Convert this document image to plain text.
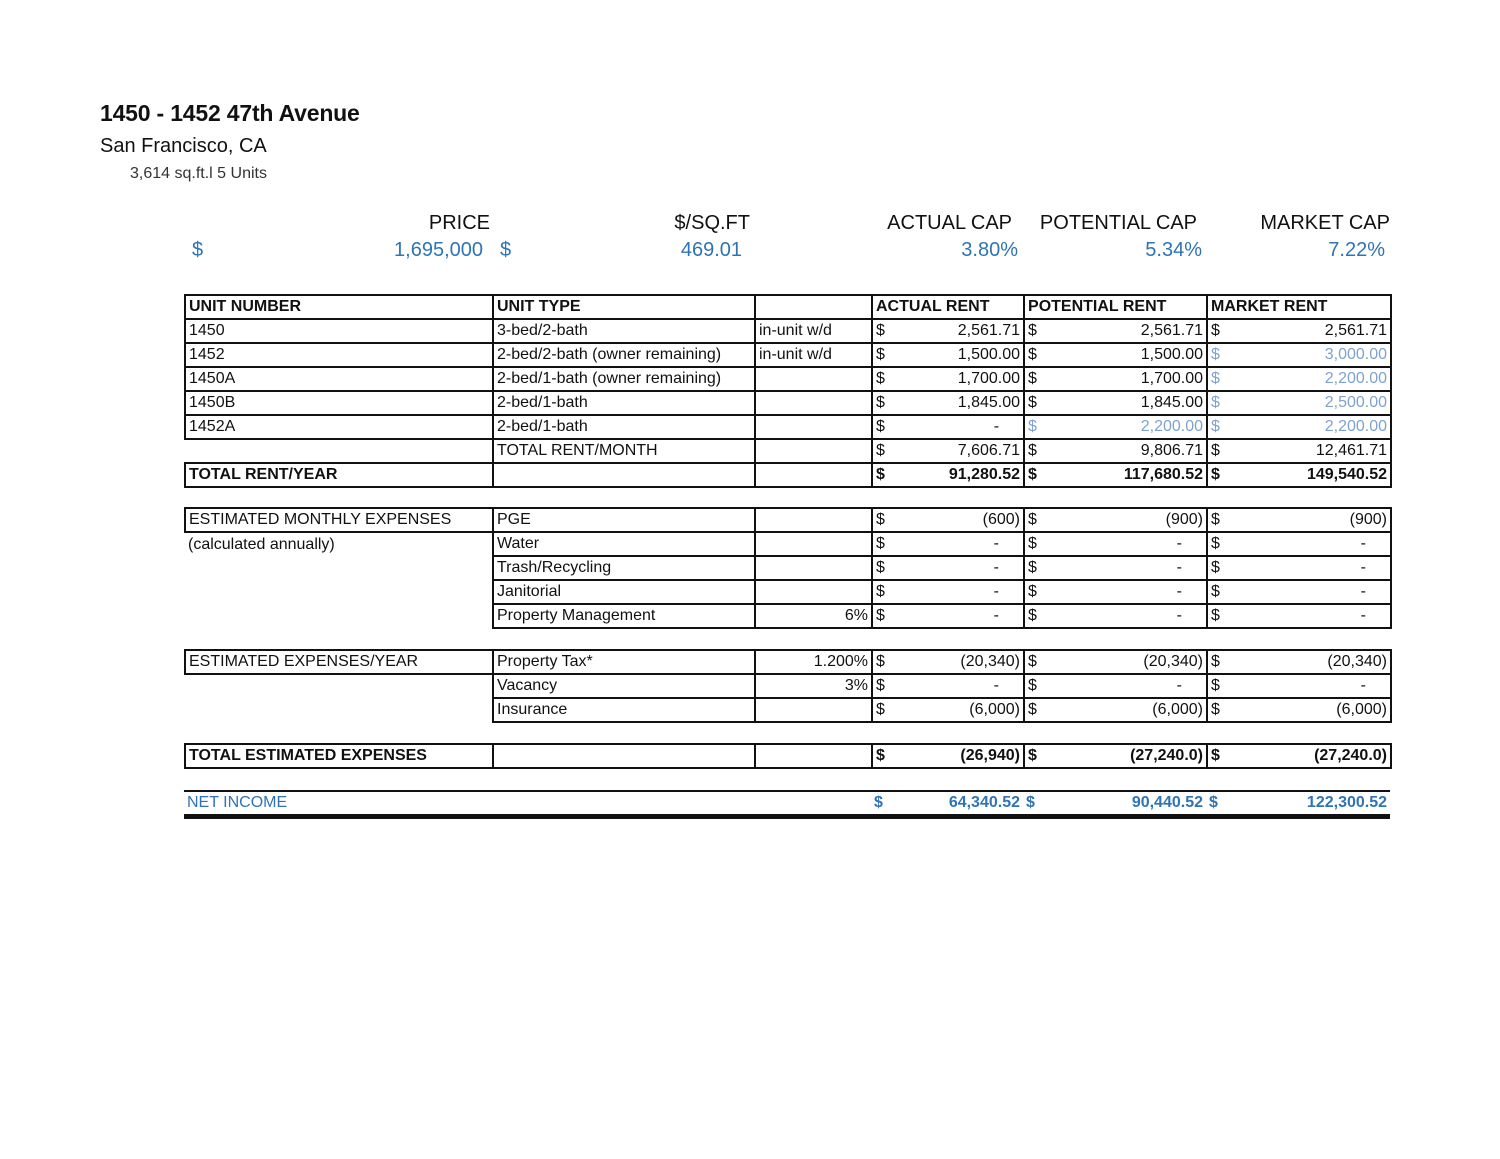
1450 - 1452 47th Avenue
San Francisco, CA
3,614 sq.ft.l 5 Units
PRICE	$/SQ.FT	ACTUAL CAP	POTENTIAL CAP	MARKET CAP
$	1,695,000 $	469.01	3.80%	5.34%	7.22%
UNIT NUMBER	UNIT TYPE		ACTUAL RENT		POTENTIAL RENT		MARKET RENT	
1450	3-bed/2-bath	in-unit w/d	$	2,561.71	$	2,561.71	$	2,561.71
1452	2-bed/2-bath (owner remaining)	in-unit w/d	$	1,500.00	$	1,500.00	$	3,000.00
1450A	2-bed/1-bath (owner remaining)		$	1,700.00	$	1,700.00	$	2,200.00
1450B	2-bed/1-bath		$	1,845.00	$	1,845.00	$	2,500.00
1452A	2-bed/1-bath		$	-	$	2,200.00	$	2,200.00
	TOTAL RENT/MONTH		$	7,606.71	$	9,806.71	$	12,461.71
TOTAL RENT/YEAR			$	91,280.52	$	117,680.52	$	149,540.52
ESTIMATED MONTHLY EXPENSES	PGE		$	(600)	$	(900)	$	(900)
(calculated annually)	Water		$	-	$	-	$	-
	Trash/Recycling		$	-	$	-	$	-
	Janitorial		$	-	$	-	$	-
	Property Management	6%	$	-	$	-	$	-
ESTIMATED EXPENSES/YEAR	Property Tax*	1.200%	$	(20,340)	$	(20,340)	$	(20,340)
	Vacancy	3%	$	-	$	-	$	-
	Insurance		$	(6,000)	$	(6,000)	$	(6,000)
TOTAL ESTIMATED EXPENSES			$	(26,940)	$	(27,240.0)	$	(27,240.0)
NET INCOME			$	64,340.52	$	90,440.52	$	122,300.52
